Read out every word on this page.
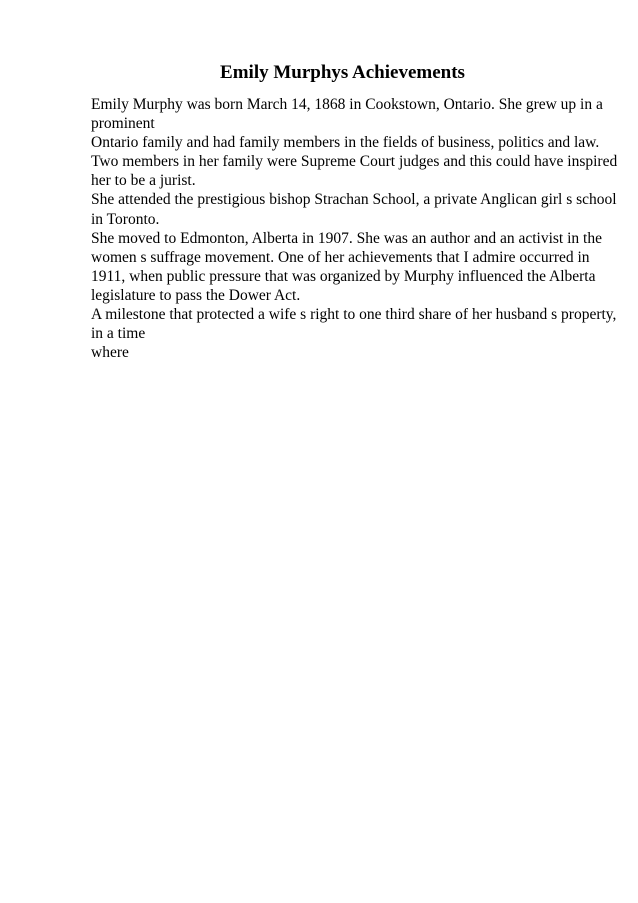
Emily Murphys Achievements
Emily Murphy was born March 14, 1868 in Cookstown, Ontario. She grew up in a
prominent
Ontario family and had family members in the fields of business, politics and law.
Two members in her family were Supreme Court judges and this could have inspired
her to be a jurist.
She attended the prestigious bishop Strachan School, a private Anglican girl s school
in Toronto.
She moved to Edmonton, Alberta in 1907. She was an author and an activist in the
women s suffrage movement. One of her achievements that I admire occurred in
1911, when public pressure that was organized by Murphy influenced the Alberta
legislature to pass the Dower Act.
A milestone that protected a wife s right to one third share of her husband s property,
in a time
where
